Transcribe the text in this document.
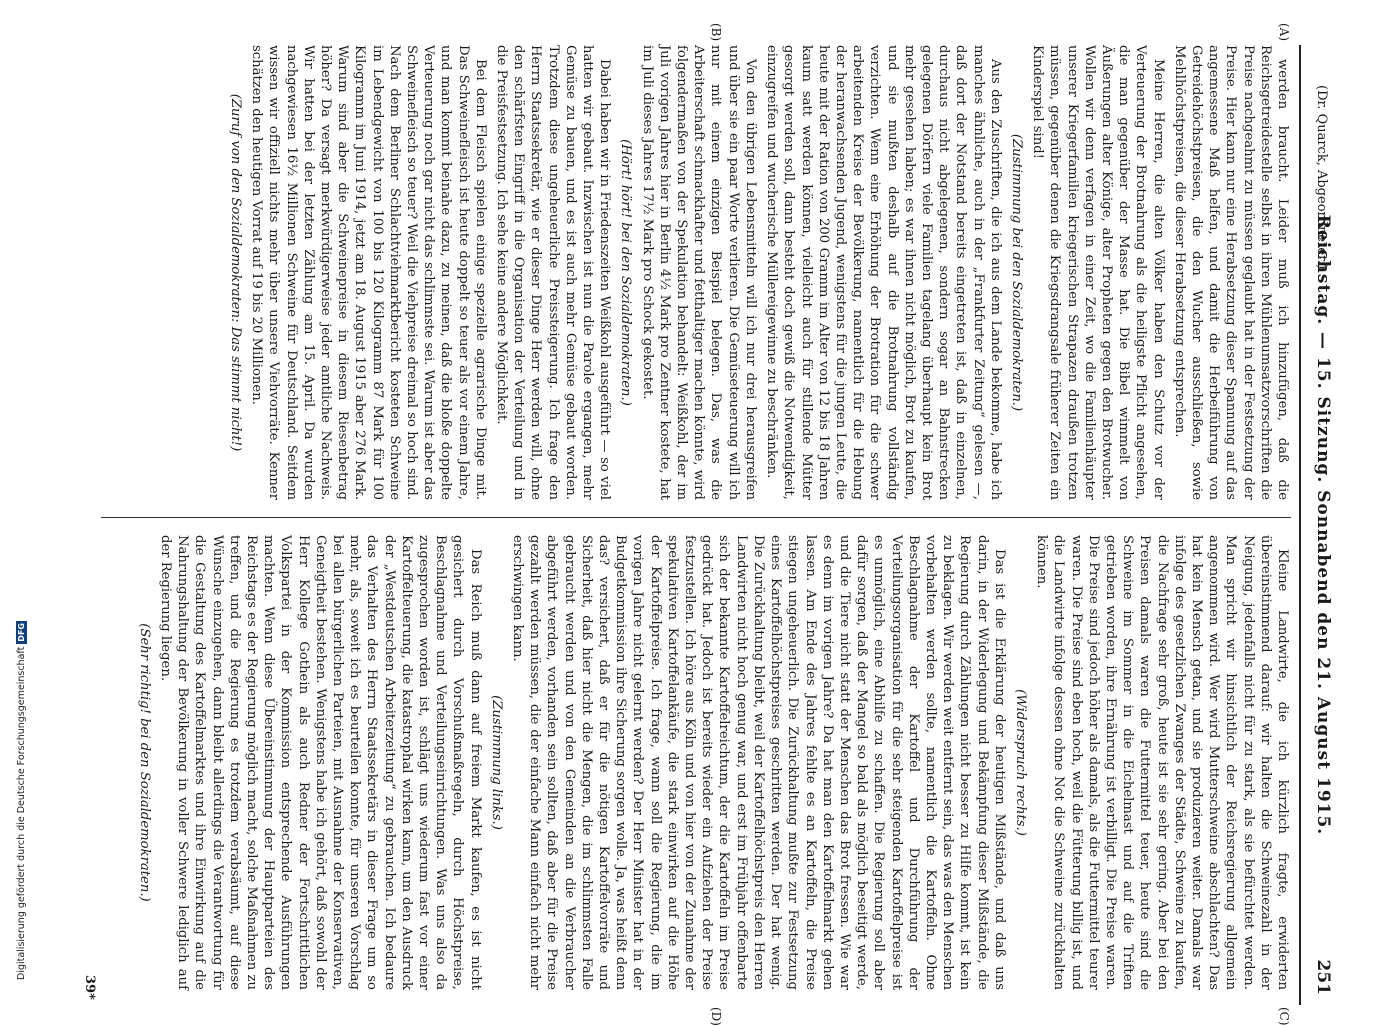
(Dr. Quarck, Abgeordneter.)
Reichstag. — 15. Sitzung. Sonnabend den 21. August 1915.
251
(A)
(B)
(C)
(D)

werden braucht. Leider muß ich hinzufügen, daß die Reichsgetreidestelle selbst in ihren Mühlenumsatzvorschriften die Preise nachgeahmt zu müssen geglaubt hat in der Festsetzung der Preise. Hier kann nur eine Herabsetzung dieser Spannung auf das angemessene Maß helfen, und damit die Herbeiführung von Getreidehöchstpreisen, die den Wucher ausschließen, sowie Mehlhöchstpreisen, die dieser Herabsetzung entsprechen.

Meine Herren, die alten Völker haben den Schutz vor der Verteuerung der Brotnahrung als die heiligste Pflicht angesehen, die man gegenüber der Masse hat. Die Bibel wimmelt von Äußerungen alter Könige, alter Propheten gegen den Brotwucher. Wollen wir denn verfagen in einer Zeit, wo die Familienhäupter unserer Kriegerfamilien kriegerischen Strapazen draußen trotzen müssen, gegenüber denen die Kriegsdrangsale früherer Zeiten ein Kinderspiel sind!

(Zustimmung bei den Sozialdemokraten.)

Aus den Zuschriften, die ich aus dem Lande bekomme, habe ich manches ähnliche, auch in der „Frankfurter Zeitung“ gelesen —, daß dort der Notstand bereits eingetreten ist, daß in einzelnen, durchaus nicht abgelegenen, sondern sogar an Bahnstrecken gelegenen Dörfern viele Familien tagelang überhaupt kein Brot mehr gesehen haben; es war ihnen nicht möglich, Brot zu kaufen, und sie mußten deshalb auf die Brotnahrung vollständig verzichten. Wenn eine Erhöhung der Brotration für die schwer arbeitenden Kreise der Bevölkerung, namentlich für die Hebung der heranwachsenden Jugend, wenigstens für die jungen Leute, die heute mit der Ration von 200 Gramm im Alter von 12 bis 18 Jahren kaum satt werden können, vielleicht auch für stillende Mütter gesorgt werden soll, dann besteht doch gewiß die Notwendigkeit, einzugreifen und wucherische Müllereigewinne zu beschränken.

Von den übrigen Lebensmitteln will ich nur drei herausgreifen und über sie ein paar Worte verlieren. Die Gemüseteuerung will ich nur mit einem einzigen Beispiel belegen. Das, was die Arbeiterschaft schmackhafter und fetthaltiger machen könnte, wird folgendermaßen von der Spekulation behandelt: Weißkohl, der im Juli vorigen Jahres hier in Berlin 4½ Mark pro Zentner kostete, hat im Juli dieses Jahres 17½ Mark pro Schock gekostet.

(Hört! hört! bei den Sozialdemokraten.)

Dabei haben wir in Friedenszeiten Weißkohl ausgeführt — so viel hatten wir gebaut. Inzwischen ist nun die Parole ergangen, mehr Gemüse zu bauen, und es ist auch mehr Gemüse gebaut worden. Trotzdem diese ungeheuerliche Preissteigerung. Ich frage den Herrn Staatssekretär, wie er dieser Dinge Herr werden will, ohne den schärfsten Eingriff in die Organisation der Verteilung und in die Preisfestsetzung. Ich sehe keine andere Möglichkeit.

Bei dem Fleisch spielen einige spezielle agrarische Dinge mit. Das Schweinefleisch ist heute doppelt so teuer als vor einem Jahre, und man kommt beinahe dazu, zu meinen, daß die bloße doppelte Verteuerung noch gar nicht das schlimmste sei. Warum ist aber das Schweinefleisch so teuer? Weil die Viehpreise dreimal so hoch sind. Nach dem Berliner Schlachtviehmarktbericht kosteten Schweine im Lebendgewicht von 100 bis 120 Kilogramm 87 Mark für 100 Kilogramm im Juni 1914, jetzt am 18. August 1915 aber 276 Mark. Warum sind aber die Schweinepreise in diesem Riesenbetrag höher? Da versagt merkwürdigerweise jeder amtliche Nachweis. Wir hatten bei der letzten Zählung am 15. April. Da wurden nachgewiesen 16½ Millionen Schweine für Deutschland. Seitdem wissen wir offiziell nichts mehr über unsere Viehvorräte. Kenner schätzen den heutigen Vorrat auf 19 bis 20 Millionen.

(Zuruf von den Sozialdemokraten: Das stimmt nicht!)

Kleine Landwirte, die ich kürzlich fragte, erwiderten übereinstimmend darauf: wir halten die Schweinezahl in der Neigung, jedenfalls nicht für zu stark, als sie befürchtet werden. Man spricht wir hinsichtlich der Reichsregierung allgemein angenommen wird. Wer wird Mutterschweine abschlachten? Das hat kein Mensch getan, und sie produzieren weiter. Damals war infolge des gesetzlichen Zwanges der Städte, Schweine zu kaufen, die Nachfrage sehr groß, heute ist sie sehr gering. Aber bei den Preisen damals waren die Futtermittel teuer, heute sind die Schweine im Sommer in die Eichelmast und auf die Triften getrieben worden, ihre Ernährung ist verbilligt. Die Preise waren. Die Preise sind jedoch höher als damals, als die Futtermittel teurer waren. Die Preise sind eben hoch, weil die Fütterung billig ist, und die Landwirte infolge dessen ohne Not die Schweine zurückhalten können.

(Widerspruch rechts.)

Das ist die Erklärung der heutigen Mißstände, und daß uns darin, in der Widerlegung und Bekämpfung dieser Mißstände, die Regierung durch Zählungen nicht besser zu Hilfe kommt, ist kein zu beklagen. Wir werden weit entfernt sein, das was den Menschen vorbehalten werden sollte, namentlich die Kartoffeln. Ohne Beschlagnahme der Kartoffel und Durchführung der Verteilungsorganisation für die sehr steigenden Kartoffelpreise ist es unmöglich, eine Abhilfe zu schaffen. Die Regierung soll aber dafür sorgen, daß der Mangel so bald als möglich beseitigt werde, und die Tiere nicht statt der Menschen das Brot fressen. Wie war es denn im vorigen Jahre? Da hat man den Kartoffelmarkt gehen lassen. Am Ende des Jahres fehlte es an Kartoffeln, die Preise stiegen ungeheuerlich. Die Zurückhaltung mußte zur Festsetzung eines Kartoffelhöchstpreises geschritten werden. Der hat wenig. Die Zurückhaltung bleibt, weil der Kartoffelhöchstpreis den Herren Landwirten nicht hoch genug war, und erst im Frühjahr offenbarte sich der bekannte Kartoffelreichtum, der die Kartoffeln im Preise gedrückt hat. Jedoch ist bereits wieder ein Aufziehen der Preise festzustellen. Ich höre aus Köln und von hier von der Zunahme der spekulativen Kartoffelankäufe, die stark einwirken auf die Höhe der Kartoffelpreise. Ich frage, wann soll die Regierung, die im vorigen Jahre nicht gelernt werden? Der Herr Minister hat in der Budgetkommission ihre Sicherung sorgen wolle. Ja, was heißt denn das? versichert, daß er für die nötigen Kartoffelvorräte und Sicherheit, daß hier nicht die Mengen, die im schlimmsten Falle gebraucht werden und von den Gemeinden an die Verbraucher abgeführt werden, vorhanden sein sollten, daß aber für die Preise gezahlt werden müssen, die der einfache Mann einfach nicht mehr erschwingen kann.

(Zustimmung links.)

Das Reich muß dann auf freiem Markt kaufen, es ist nicht gesichert durch Vorschußmaßregeln, durch Höchstpreise, Beschlagnahme und Verteilungseinrichtungen. Was uns also da zugesprochen worden ist, schlägt uns wiederum fast vor einer Kartoffelteuerung, die katastrophal wirken kann, um den Ausdruck der „Westdeutschen Arbeiterzeitung“ zu gebrauchen. Ich bedaure das Verhalten des Herrn Staatssekretärs in dieser Frage um so mehr, als, soweit ich es beurteilen konnte, für unseren Vorschlag bei allen bürgerlichen Parteien, mit Ausnahme der Konservativen, Geneigtheit bestehen. Wenigstens habe ich gehört, daß sowohl der Herr Kollege Gothein als auch Redner der Fortschrittlichen Volkspartei in der Kommission entsprechende Ausführungen machten. Wenn diese Übereinstimmung der Hauptparteien des Reichstags es der Regierung möglich macht, solche Maßnahmen zu treffen, und die Regierung es trotzdem verabsäumt, auf diese Wünsche einzugehen, dann bleibt allerdings die Verantwortung für die Gestaltung des Kartoffelmarktes und ihre Einwirkung auf die Nahrungshaltung der Bevölkerung in voller Schwere lediglich auf der Regierung liegen.

(Sehr richtig! bei den Sozialdemokraten.)

39*
Digitalisierung gefördert durch die Deutsche ForschungsgemeinschaftDFG
